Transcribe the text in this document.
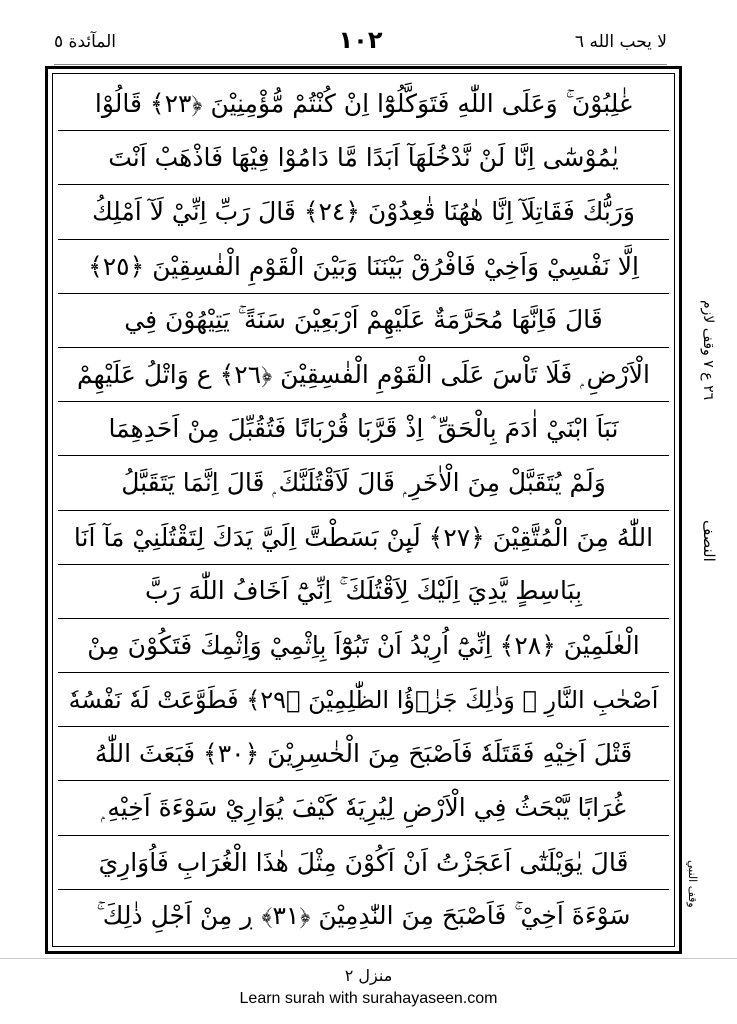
المآئدة ٥	١٠٢	لا يحب الله ٦
غٰلِبُوْنَ ۚ وَعَلَى اللّٰهِ فَتَوَكَّلُوْٓا اِنْ كُنْتُمْ مُّؤْمِنِيْنَ ﴿٢٣﴾ قَالُوْا
يٰمُوْسٰٓى اِنَّا لَنْ نَّدْخُلَهَآ اَبَدًا مَّا دَامُوْا فِيْهَا فَاذْهَبْ اَنْتَ
وَرَبُّكَ فَقَاتِلَآ اِنَّا هٰهُنَا قٰعِدُوْنَ ﴿٢٤﴾ قَالَ رَبِّ اِنِّيْ لَآ اَمْلِكُ
اِلَّا نَفْسِيْ وَاَخِيْ فَافْرُقْ بَيْنَنَا وَبَيْنَ الْقَوْمِ الْفٰسِقِيْنَ ﴿٢٥﴾
قَالَ فَاِنَّهَا مُحَرَّمَةٌ عَلَيْهِمْ اَرْبَعِيْنَ سَنَةً ۚ يَتِيْهُوْنَ فِي
الْاَرْضِ ۭ فَلَا تَاْسَ عَلَى الْقَوْمِ الْفٰسِقِيْنَ ﴿٢٦﴾ ع وَاتْلُ عَلَيْهِمْ
نَبَاَ ابْنَيْ اٰدَمَ بِالْحَقِّ ۘ اِذْ قَرَّبَا قُرْبَانًا فَتُقُبِّلَ مِنْ اَحَدِهِمَا
وَلَمْ يُتَقَبَّلْ مِنَ الْاٰخَرِ ۭ قَالَ لَاَقْتُلَنَّكَ ۭ قَالَ اِنَّمَا يَتَقَبَّلُ
اللّٰهُ مِنَ الْمُتَّقِيْنَ ﴿٢٧﴾ لَىِٕنْ بَسَطْتَّ اِلَيَّ يَدَكَ لِتَقْتُلَنِيْ مَآ اَنَا
بِبَاسِطٍ يَّدِيَ اِلَيْكَ لِاَقْتُلَكَ ۚ اِنِّيْٓ اَخَافُ اللّٰهَ رَبَّ
الْعٰلَمِيْنَ ﴿٢٨﴾ اِنِّيْٓ اُرِيْدُ اَنْ تَبُوْٓاَ بِاِثْمِيْ وَاِثْمِكَ فَتَكُوْنَ مِنْ
اَصْحٰبِ النَّارِ ۚ وَذٰلِكَ جَزٰۗؤُا الظّٰلِمِيْنَ ﴿٢٩﴾ فَطَوَّعَتْ لَهٗ نَفْسُهٗ
قَتْلَ اَخِيْهِ فَقَتَلَهٗ فَاَصْبَحَ مِنَ الْخٰسِرِيْنَ ﴿٣٠﴾ فَبَعَثَ اللّٰهُ
غُرَابًا يَّبْحَثُ فِي الْاَرْضِ لِيُرِيَهٗ كَيْفَ يُوَارِيْ سَوْءَةَ اَخِيْهِ ۭ
قَالَ يٰوَيْلَتٰٓى اَعَجَزْتُ اَنْ اَكُوْنَ مِثْلَ هٰذَا الْغُرَابِ فَاُوَارِيَ
سَوْءَةَ اَخِيْ ۚ فَاَصْبَحَ مِنَ النّٰدِمِيْنَ ﴿٣١﴾ ڔ مِنْ اَجْلِ ذٰلِكَ ۚ
٢٦ ع ٧ وقف لازم
النصف
وقف النبي
منزل ٢
Learn surah with surahayaseen.com
